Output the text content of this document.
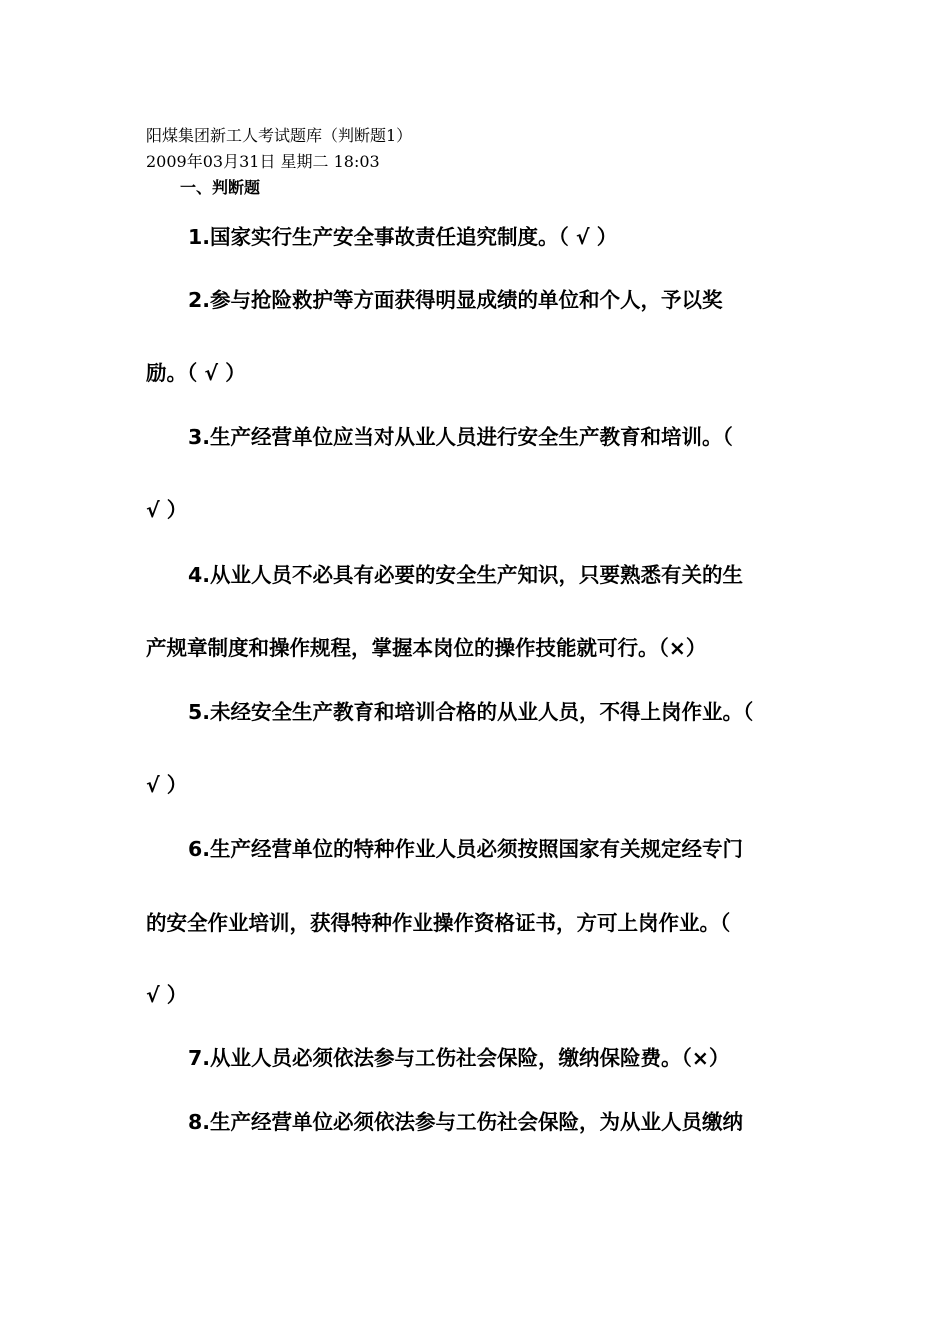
阳煤集团新工人考试题库（判断题1）
2009年03月31日 星期二 18:03
一、判断题
1.国家实行生产安全事故责任追究制度。（ √ ）
2.参与抢险救护等方面获得明显成绩的单位和个人，予以奖
励。（ √ ）
3.生产经营单位应当对从业人员进行安全生产教育和培训。（
√ ）
4.从业人员不必具有必要的安全生产知识，只要熟悉有关的生
产规章制度和操作规程，掌握本岗位的操作技能就可行。（×）
5.未经安全生产教育和培训合格的从业人员，不得上岗作业。（
√ ）
6.生产经营单位的特种作业人员必须按照国家有关规定经专门
的安全作业培训，获得特种作业操作资格证书，方可上岗作业。（
√ ）
7.从业人员必须依法参与工伤社会保险，缴纳保险费。（×）
8.生产经营单位必须依法参与工伤社会保险，为从业人员缴纳
